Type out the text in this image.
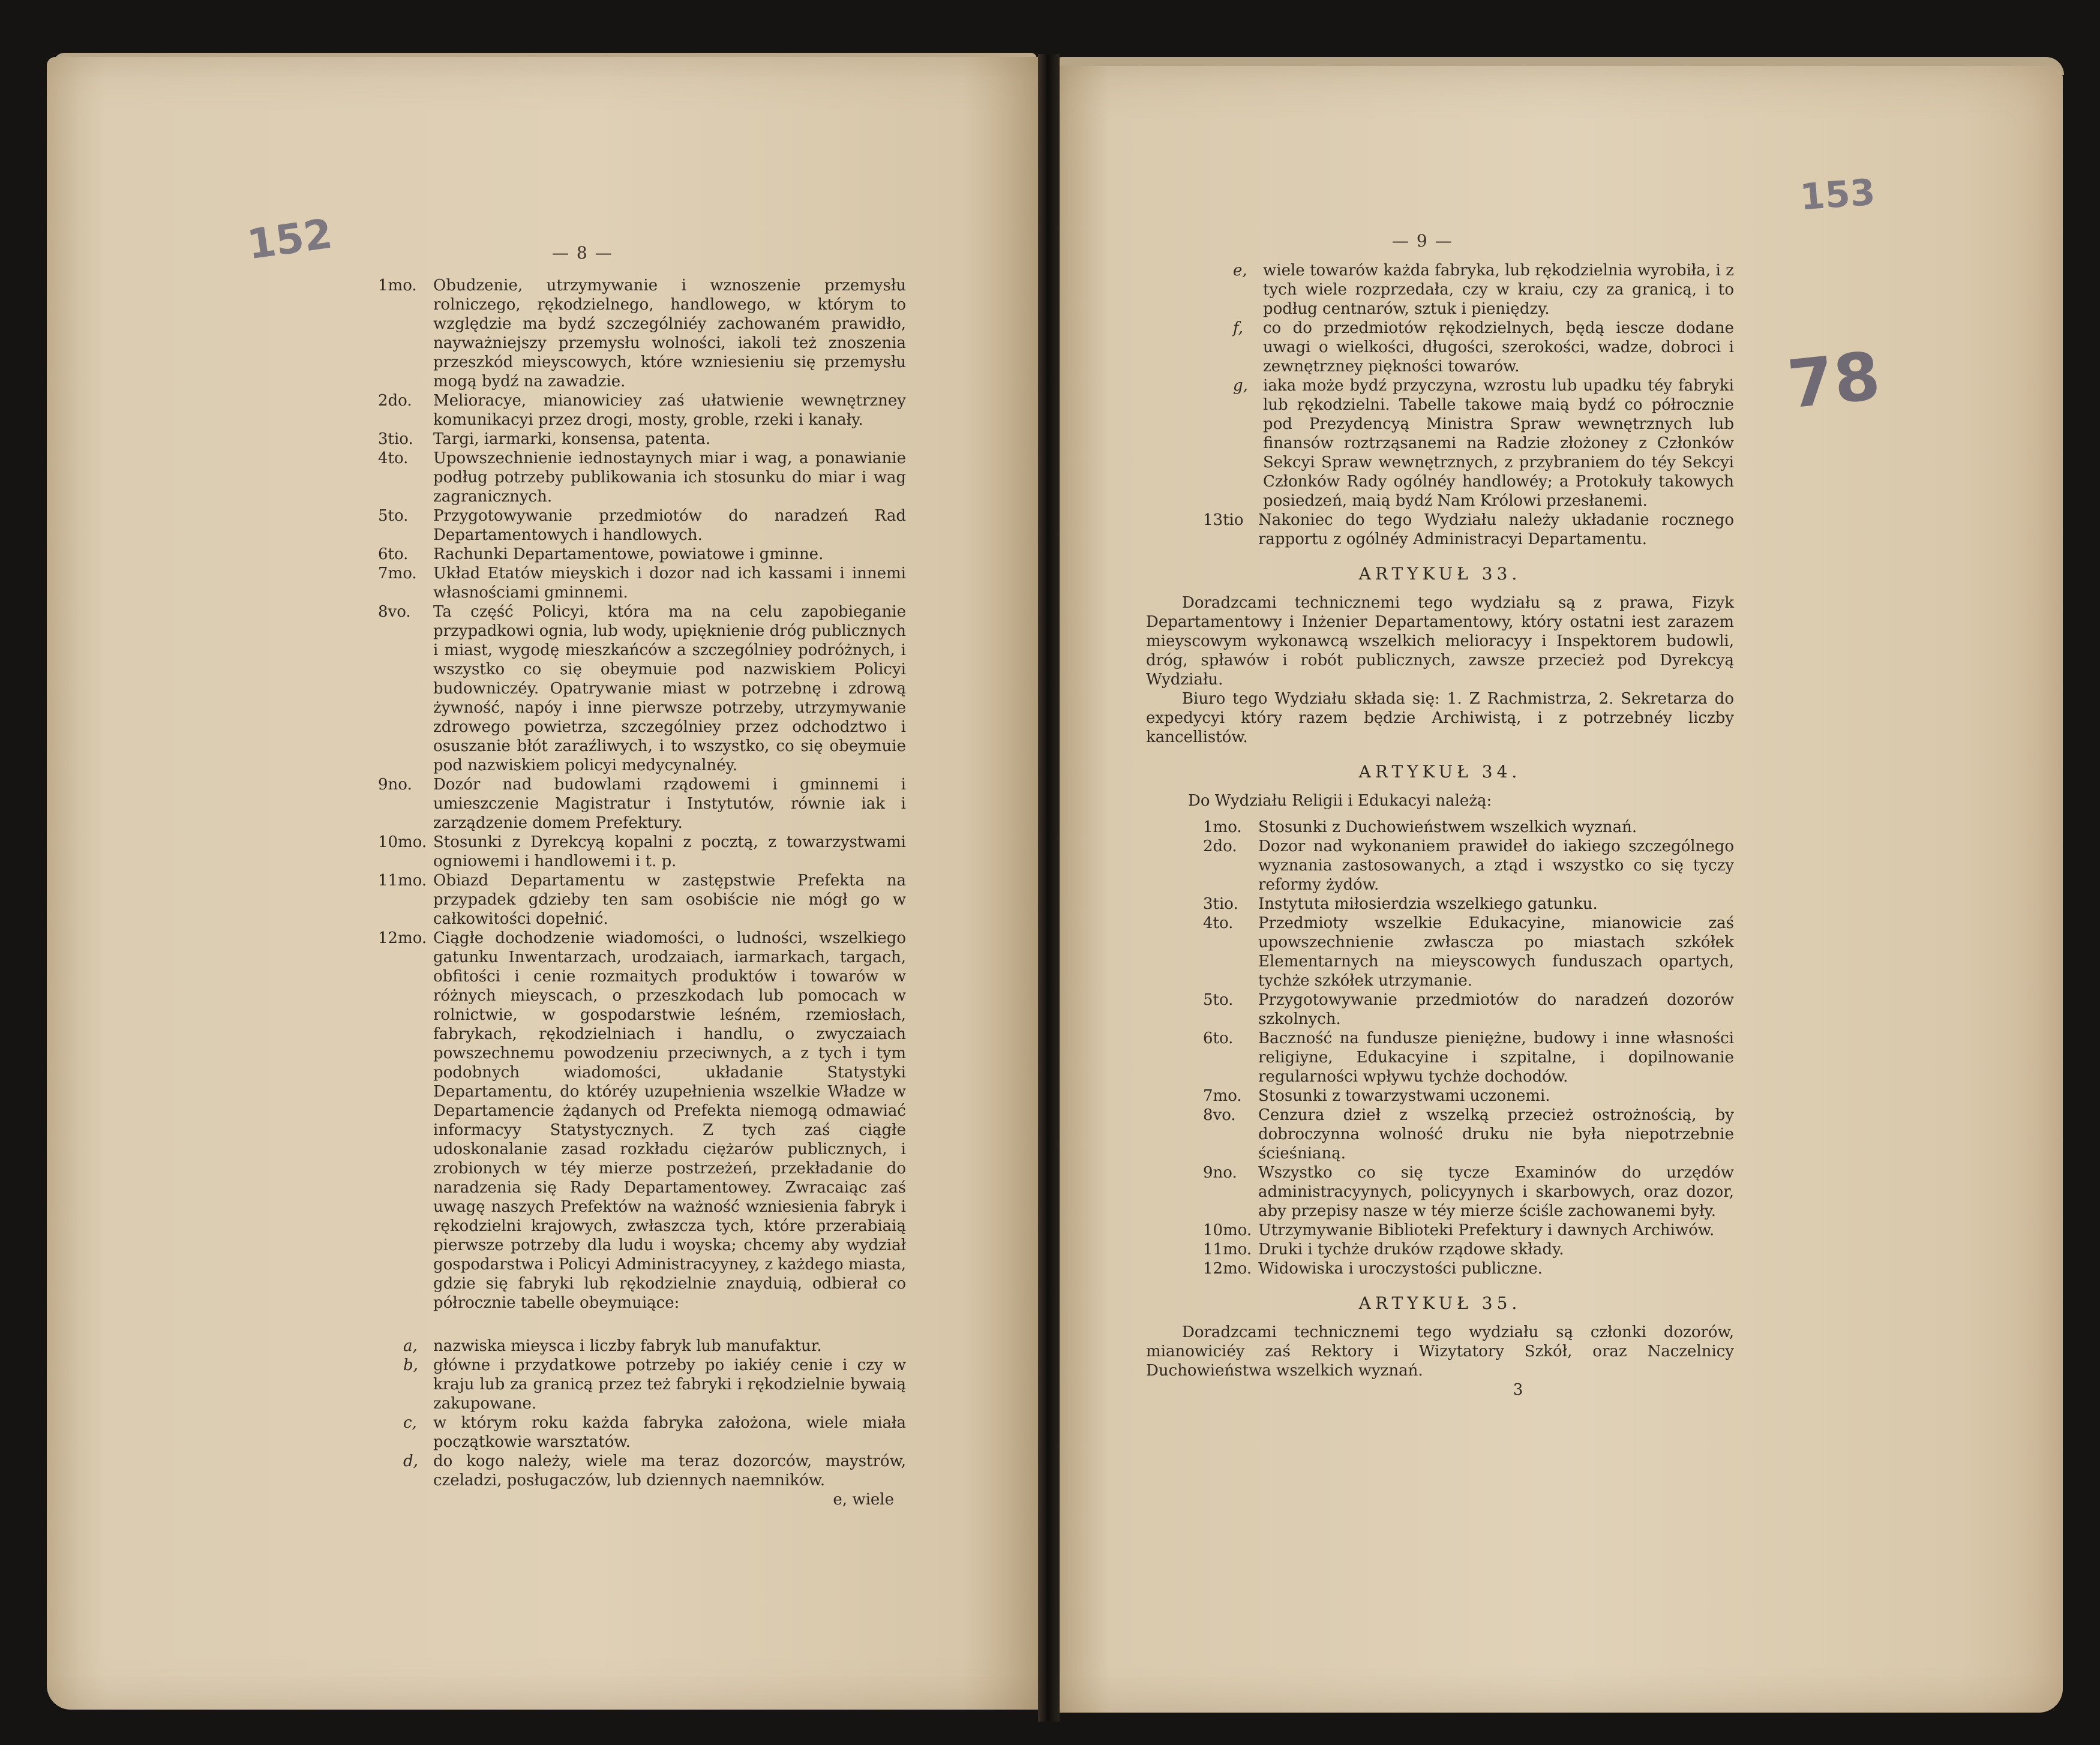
152
153
78
— 8 —
1mo.	Obudzenie, utrzymywanie i wznoszenie przemysłu rolniczego, rękodzielnego, handlowego, w którym to względzie ma bydź szczególniéy zachowaném prawidło, nayważniejszy przemysłu wolności, iakoli też znoszenia przeszkód mieyscowych, które wzniesieniu się przemysłu mogą bydź na zawadzie.
2do.	Melioracye, mianowiciey zaś ułatwienie wewnętrzney komunikacyi przez drogi, mosty, groble, rzeki i kanały.
3tio.	Targi, iarmarki, konsensa, patenta.
4to.	Upowszechnienie iednostaynych miar i wag, a ponawianie podług potrzeby publikowania ich stosunku do miar i wag zagranicznych.
5to.	Przygotowywanie przedmiotów do naradzeń Rad Departamentowych i handlowych.
6to.	Rachunki Departamentowe, powiatowe i gminne.
7mo.	Układ Etatów mieyskich i dozor nad ich kassami i innemi własnościami gminnemi.
8vo.	Ta część Policyi, która ma na celu zapobieganie przypadkowi ognia, lub wody, upięknienie dróg publicznych i miast, wygodę mieszkańców a szczególniey podróżnych, i wszystko co się obeymuie pod nazwiskiem Policyi budowniczéy. Opatrywanie miast w potrzebnę i zdrową żywność, napóy i inne pierwsze potrzeby, utrzymywanie zdrowego powietrza, szczególniey przez odchodztwo i osuszanie błót zaraźliwych, i to wszystko, co się obeymuie pod nazwiskiem policyi medycynalnéy.
9no.	Dozór nad budowlami rządowemi i gminnemi i umieszczenie Magistratur i Instytutów, równie iak i zarządzenie domem Prefektury.
10mo. Stosunki z Dyrekcyą kopalni z pocztą, z towarzystwami ogniowemi i handlowemi i t. p.
11mo. Obiazd Departamentu w zastępstwie Prefekta na przypadek gdzieby ten sam osobiście nie mógł go w całkowitości dopełnić.
12mo. Ciągłe dochodzenie wiadomości, o ludności, wszelkiego gatunku Inwentarzach, urodzaiach, iarmarkach, targach, obfitości i cenie rozmaitych produktów i towarów w różnych mieyscach, o przeszkodach lub pomocach w rolnictwie, w gospodarstwie leśném, rzemiosłach, fabrykach, rękodzielniach i handlu, o zwyczaiach powszechnemu powodzeniu przeciwnych, a z tych i tym podobnych wiadomości, układanie Statystyki Departamentu, do któréy uzupełnienia wszelkie Władze w Departamencie żądanych od Prefekta niemogą odmawiać informacyy Statystycznych. Z tych zaś ciągłe udoskonalanie zasad rozkładu ciężarów publicznych, i zrobionych w téy mierze postrzeżeń, przekładanie do naradzenia się Rady Departamentowey. Zwracaiąc zaś uwagę naszych Prefektów na ważność wzniesienia fabryk i rękodzielni krajowych, zwłaszcza tych, które przerabiaią pierwsze potrzeby dla ludu i woyska; chcemy aby wydział gospodarstwa i Policyi Administracyyney, z każdego miasta, gdzie się fabryki lub rękodzielnie znayduią, odbierał co półrocznie tabelle obeymuiące:
a,	nazwiska mieysca i liczby fabryk lub manufaktur.
b, główne i przydatkowe potrzeby po iakiéy cenie i czy w kraju lub za granicą przez też fabryki i rękodzielnie bywaią zakupowane.
c,	w którym roku każda fabryka założona, wiele miała początkowie warsztatów.
d, do kogo należy, wiele ma teraz dozorców, maystrów, czeladzi, posługaczów, lub dziennych naemników.
e, wiele
— 9 —
e,	wiele towarów każda fabryka, lub rękodzielnia wyrobiła, i z tych wiele rozprzedała, czy w kraiu, czy za granicą, i to podług centnarów, sztuk i pieniędzy.
f,	co do przedmiotów rękodzielnych, będą iescze dodane uwagi o wielkości, długości, szerokości, wadze, dobroci i zewnętrzney piękności towarów.
g, iaka może bydź przyczyna, wzrostu lub upadku téy fabryki lub rękodzielni. Tabelle takowe maią bydź co półrocznie pod Prezydencyą Ministra Spraw wewnętrznych lub finansów roztrząsanemi na Radzie złożoney z Członków Sekcyi Spraw wewnętrznych, z przybraniem do téy Sekcyi Członków Rady ogólnéy handlowéy; a Protokuły takowych posiedzeń, maią bydź Nam Królowi przesłanemi.
13tio Nakoniec do tego Wydziału należy układanie rocznego rapportu z ogólnéy Administracyi Departamentu.
ARTYKUŁ 33.
Doradzcami technicznemi tego wydziału są z prawa, Fizyk Departamentowy i Inżenier Departamentowy, który ostatni iest zarazem mieyscowym wykonawcą wszelkich melioracyy i Inspektorem budowli, dróg, spławów i robót publicznych, zawsze przecież pod Dyrekcyą Wydziału.
Biuro tego Wydziału składa się: 1. Z Rachmistrza, 2. Sekretarza do expedycyi który razem będzie Archiwistą, i z potrzebnéy liczby kancellistów.
ARTYKUŁ 34.
Do Wydziału Religii i Edukacyi należą:
1mo.	Stosunki z Duchowieństwem wszelkich wyznań.
2do.	Dozor nad wykonaniem prawideł do iakiego szczególnego wyznania zastosowanych, a ztąd i wszystko co się tyczy reformy żydów.
3tio.	Instytuta miłosierdzia wszelkiego gatunku.
4to.	Przedmioty wszelkie Edukacyine, mianowicie zaś upowszechnienie zwłascza po miastach szkółek Elementarnych na mieyscowych funduszach opartych, tychże szkółek utrzymanie.
5to.	Przygotowywanie przedmiotów do naradzeń dozorów szkolnych.
6to.	Baczność na fundusze pieniężne, budowy i inne własności religiyne, Edukacyine i szpitalne, i dopilnowanie regularności wpływu tychże dochodów.
7mo.	Stosunki z towarzystwami uczonemi.
8vo.	Cenzura dzieł z wszelką przecież ostrożnością, by dobroczynna wolność druku nie była niepotrzebnie ścieśnianą.
9no.	Wszystko co się tycze Examinów do urzędów administracyynych, policyynych i skarbowych, oraz dozor, aby przepisy nasze w téy mierze ściśle zachowanemi były.
10mo. Utrzymywanie Biblioteki Prefektury i dawnych Archiwów.
11mo. Druki i tychże druków rządowe składy.
12mo. Widowiska i uroczystości publiczne.
ARTYKUŁ 35.
Doradzcami technicznemi tego wydziału są członki dozorów, mianowiciéy zaś Rektory i Wizytatory Szkół, oraz Naczelnicy Duchowieństwa wszelkich wyznań.
3
